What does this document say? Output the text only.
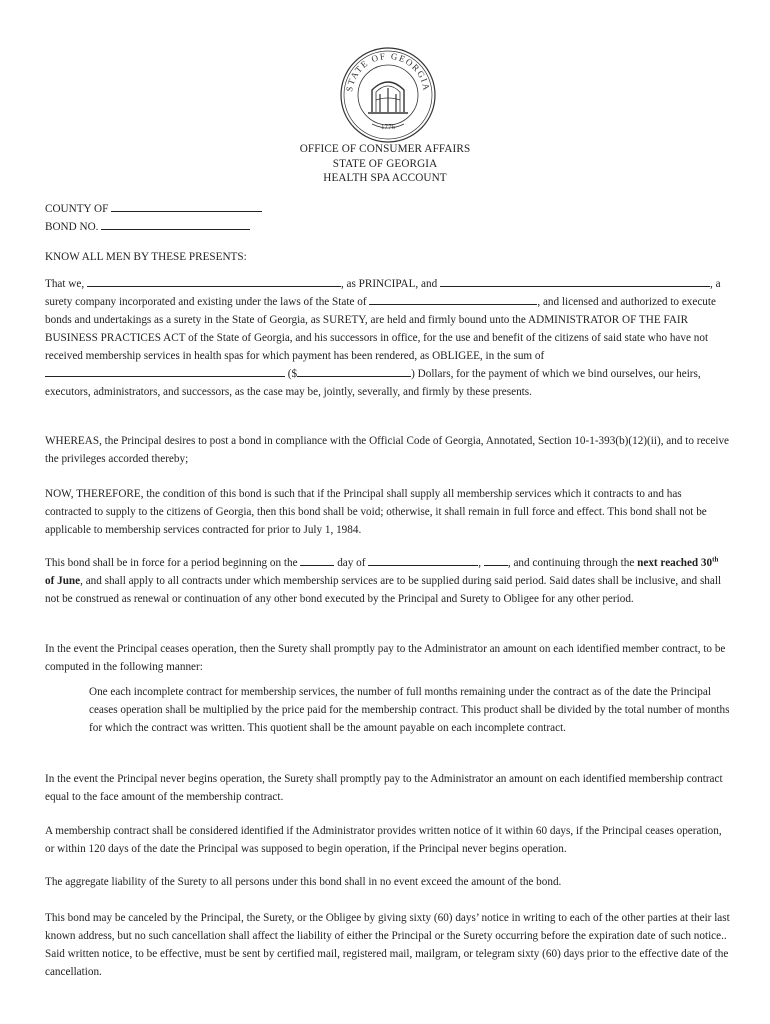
STATE OF GEORGIA
1776
OFFICE OF CONSUMER AFFAIRS
STATE OF GEORGIA
HEALTH SPA ACCOUNT
COUNTY OF
BOND NO.
KNOW ALL MEN BY THESE PRESENTS:

That we,	, as PRINCIPAL, and	, a surety company incorporated and existing under the laws of the State of	, and licensed and authorized to execute bonds and undertakings as a surety in the State of Georgia, as SURETY, are held and firmly bound unto the ADMINISTRATOR OF THE FAIR BUSINESS PRACTICES ACT of the State of Georgia, and his successors in office, for the use and benefit of the citizens of said state who have not received membership services in health spas for which payment has been rendered, as OBLIGEE, in the sum of  ($	) Dollars, for the payment of which we bind ourselves, our heirs, executors, administrators, and successors, as the case may be, jointly, severally, and firmly by these presents.

WHEREAS, the Principal desires to post a bond in compliance with the Official Code of Georgia, Annotated, Section 10-1-393(b)(12)(ii), and to receive the privileges accorded thereby;
NOW, THEREFORE, the condition of this bond is such that if the Principal shall supply all membership services which it contracts to and has contracted to supply to the citizens of Georgia, then this bond shall be void; otherwise, it shall remain in full force and effect. This bond shall not be applicable to membership services contracted for prior to July 1, 1984.

This bond shall be in force for a period beginning on the	day of	, , and continuing through the next reached 30th of June, and shall apply to all contracts under which membership services are to be supplied during said period. Said dates shall be inclusive, and shall not be construed as renewal or continuation of any other bond executed by the Principal and Surety to Obligee for any other period.

In the event the Principal ceases operation, then the Surety shall promptly pay to the Administrator an amount on each identified member contract, to be computed in the following manner:
One each incomplete contract for membership services, the number of full months remaining under the contract as of the date the Principal ceases operation shall be multiplied by the price paid for the membership contract. This product shall be divided by the total number of months for which the contract was written. This quotient shall be the amount payable on each incomplete contract.
In the event the Principal never begins operation, the Surety shall promptly pay to the Administrator an amount on each identified membership contract equal to the face amount of the membership contract.
A membership contract shall be considered identified if the Administrator provides written notice of it within 60 days, if the Principal ceases operation, or within 120 days of the date the Principal was supposed to begin operation, if the Principal never begins operation.
The aggregate liability of the Surety to all persons under this bond shall in no event exceed the amount of the bond.
This bond may be canceled by the Principal, the Surety, or the Obligee by giving sixty (60) days’ notice in writing to each of the other parties at their last known address, but no such cancellation shall affect the liability of either the Principal or the Surety occurring before the expiration date of such notice.. Said written notice, to be effective, must be sent by certified mail, registered mail, mailgram, or telegram sixty (60) days prior to the effective date of the cancellation.
